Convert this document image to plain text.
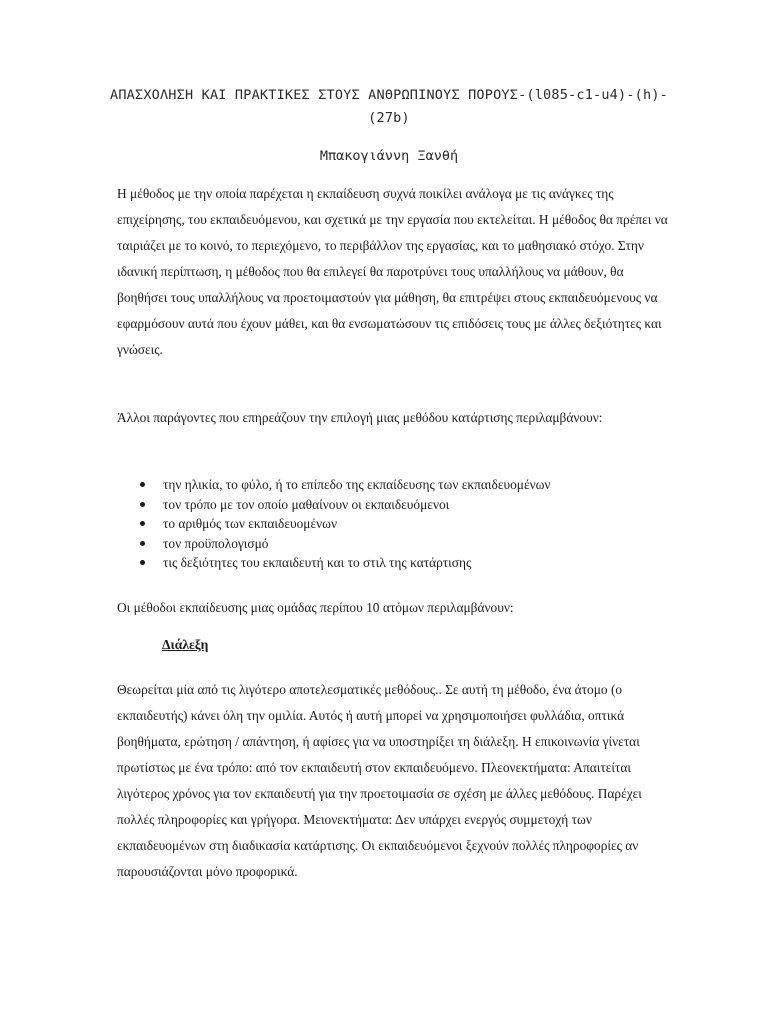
ΑΠΑΣΧΟΛΗΣΗ ΚΑΙ ΠΡΑΚΤΙΚΕΣ ΣΤΟΥΣ ΑΝΘΡΩΠΙΝΟΥΣ ΠΟΡΟΥΣ-(l085-c1-u4)-(h)-(27b)
Μπακογιάννη Ξανθή

Η μέθοδος με την οποία παρέχεται η εκπαίδευση συχνά ποικίλει ανάλογα με τις ανάγκες της επιχείρησης, του εκπαιδευόμενου, και σχετικά με την εργασία που εκτελείται. Η μέθοδος θα πρέπει να ταιριάζει με το κοινό, το περιεχόμενο, το περιβάλλον της εργασίας, και το μαθησιακό στόχο. Στην ιδανική περίπτωση, η μέθοδος που θα επιλεγεί θα παροτρύνει τους υπαλλήλους να μάθουν, θα βοηθήσει τους υπαλλήλους να προετοιμαστούν για μάθηση, θα επιτρέψει στους εκπαιδευόμενους να εφαρμόσουν αυτά που έχουν μάθει, και θα ενσωματώσουν τις επιδόσεις τους με άλλες δεξιότητες και γνώσεις.

Άλλοι παράγοντες που επηρεάζουν την επιλογή μιας μεθόδου κατάρτισης περιλαμβάνουν:

την ηλικία, το φύλο, ή το επίπεδο της εκπαίδευσης των εκπαιδευομένων
τον τρόπο με τον οποίο μαθαίνουν οι εκπαιδευόμενοι
το αριθμός των εκπαιδευομένων
τον προϋπολογισμό
τις δεξιότητες του εκπαιδευτή και το στιλ της κατάρτισης

Οι μέθοδοι εκπαίδευσης μιας ομάδας περίπου 10 ατόμων περιλαμβάνουν:

Διάλεξη

Θεωρείται μία από τις λιγότερο αποτελεσματικές μεθόδους.. Σε αυτή τη μέθοδο, ένα άτομο (ο εκπαιδευτής) κάνει όλη την ομιλία. Αυτός ή αυτή μπορεί να χρησιμοποιήσει φυλλάδια, οπτικά βοηθήματα, ερώτηση / απάντηση, ή αφίσες για να υποστηρίξει τη διάλεξη. Η επικοινωνία γίνεται πρωτίστως με ένα τρόπο: από τον εκπαιδευτή στον εκπαιδευόμενο. Πλεονεκτήματα: Απαιτείται λιγότερος χρόνος για τον εκπαιδευτή για την προετοιμασία σε σχέση με άλλες μεθόδους. Παρέχει πολλές πληροφορίες και γρήγορα. Μειονεκτήματα: Δεν υπάρχει ενεργός συμμετοχή των εκπαιδευομένων στη διαδικασία κατάρτισης. Οι εκπαιδευόμενοι ξεχνούν πολλές πληροφορίες αν παρουσιάζονται μόνο προφορικά.
